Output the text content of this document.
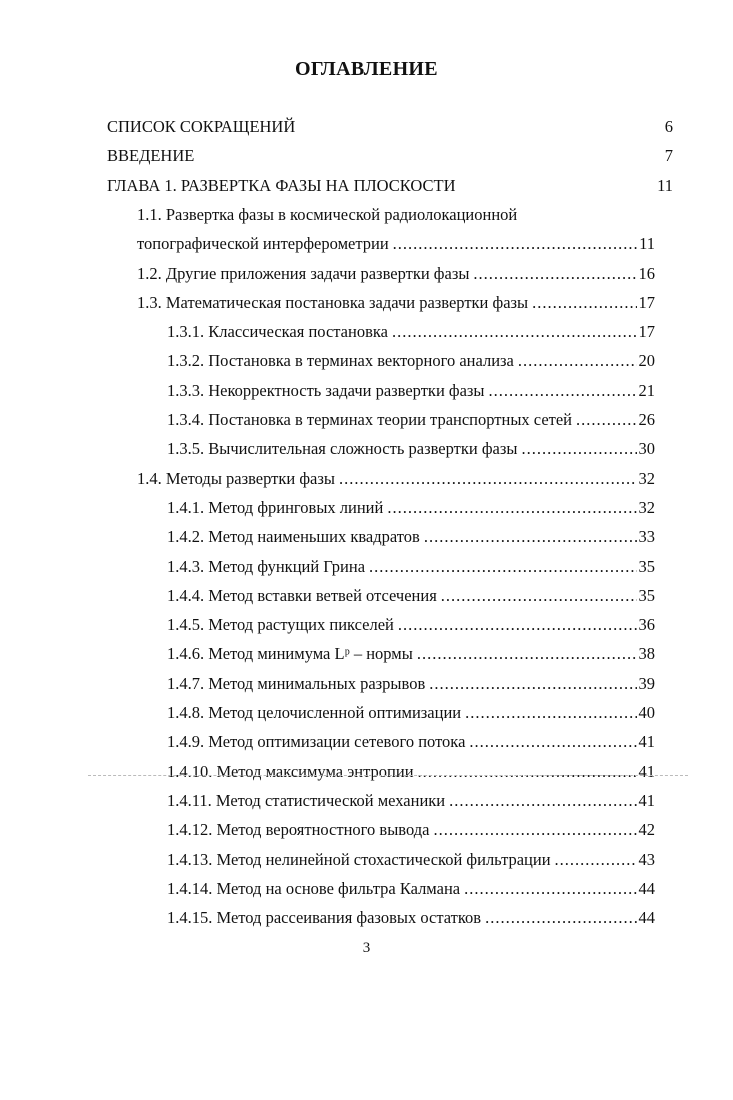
ОГЛАВЛЕНИЕ
СПИСОК СОКРАЩЕНИЙ	6
ВВЕДЕНИЕ	7
ГЛАВА 1. РАЗВЕРТКА ФАЗЫ НА ПЛОСКОСТИ	11
1.1. Развертка фазы в космической радиолокационной
топографической интерферометрии .....	11
1.2. Другие приложения задачи развертки фазы .....	16
1.3. Математическая постановка задачи развертки фазы .....	17
1.3.1. Классическая постановка .....	17
1.3.2. Постановка в терминах векторного анализа .....	20
1.3.3. Некорректность задачи развертки фазы .....	21
1.3.4. Постановка в терминах теории транспортных сетей .....	26
1.3.5. Вычислительная сложность развертки фазы .....	30
1.4. Методы развертки фазы .....	32
1.4.1. Метод фринговых линий .....	32
1.4.2. Метод наименьших квадратов .....	33
1.4.3. Метод функций Грина .....	35
1.4.4. Метод вставки ветвей отсечения .....	35
1.4.5. Метод растущих пикселей .....	36
1.4.6. Метод минимума Lᵖ – нормы .....	38
1.4.7. Метод минимальных разрывов .....	39
1.4.8. Метод целочисленной оптимизации .....	40
1.4.9. Метод оптимизации сетевого потока .....	41
1.4.10. Метод максимума энтропии .....	41
1.4.11. Метод статистической механики .....	41
1.4.12. Метод вероятностного вывода .....	42
1.4.13. Метод нелинейной стохастической фильтрации .....	43
1.4.14. Метод на основе фильтра Калмана .....	44
1.4.15. Метод рассеивания фазовых остатков .....	44
3
